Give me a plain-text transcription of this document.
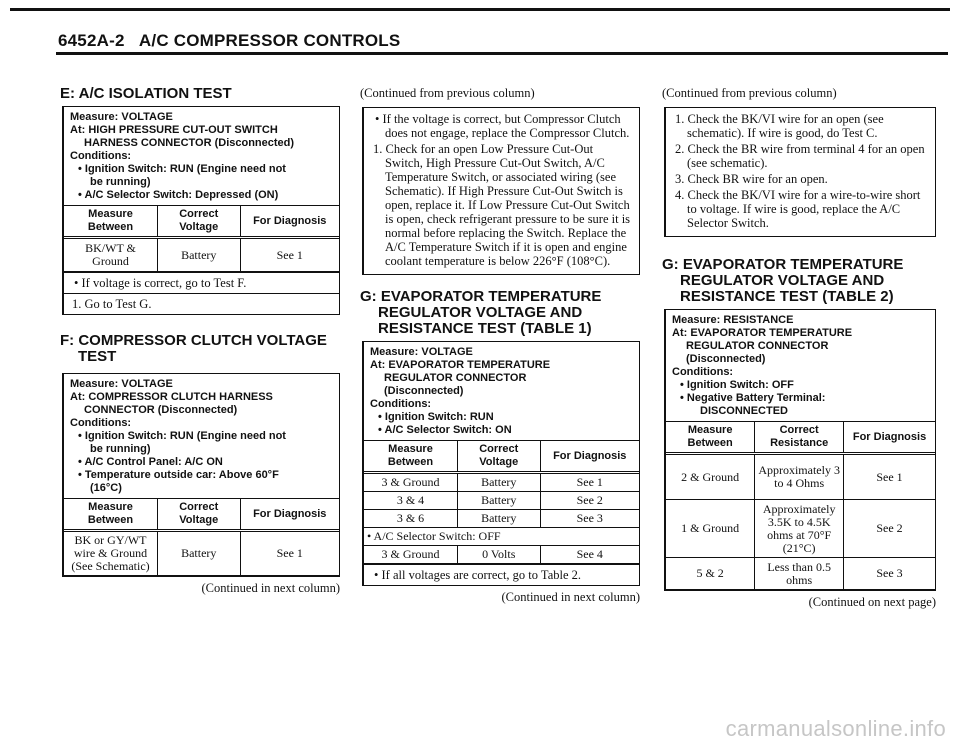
6452A-2 A/C COMPRESSOR CONTROLS
E: A/C ISOLATION TEST
Measure: VOLTAGE
At: HIGH PRESSURE CUT-OUT SWITCH
HARNESS CONNECTOR (Disconnected)
Conditions:
• Ignition Switch: RUN (Engine need not
be running)
• A/C Selector Switch: Depressed (ON)
Measure Between	Correct Voltage	For Diagnosis
BK/WT & Ground	Battery	See 1
• If voltage is correct, go to Test F.
1. Go to Test G.
F: COMPRESSOR CLUTCH VOLTAGE
TEST
Measure: VOLTAGE
At: COMPRESSOR CLUTCH HARNESS
CONNECTOR (Disconnected)
Conditions:
• Ignition Switch: RUN (Engine need not
be running)
• A/C Control Panel: A/C ON
• Temperature outside car: Above 60°F
(16°C)
Measure Between	Correct Voltage	For Diagnosis
BK or GY/WT wire & Ground (See Schematic)	Battery	See 1
(Continued in next column)
(Continued from previous column)

• If the voltage is correct, but Compressor Clutch does not engage, replace the Compressor Clutch.

1. Check for an open Low Pressure Cut-Out Switch, High Pressure Cut-Out Switch, A/C Temperature Switch, or associated wiring (see Schematic). If High Pressure Cut-Out Switch is open, replace it. If Low Pressure Cut-Out Switch is open, check refrigerant pressure to be sure it is normal before replacing the Switch. Replace the A/C Temperature Switch if it is open and engine coolant temperature is below 226°F (108°C).

G: EVAPORATOR TEMPERATURE
REGULATOR VOLTAGE AND
RESISTANCE TEST (TABLE 1)
Measure: VOLTAGE
At: EVAPORATOR TEMPERATURE
REGULATOR CONNECTOR
(Disconnected)
Conditions:
• Ignition Switch: RUN
• A/C Selector Switch: ON
Measure Between	Correct Voltage	For Diagnosis
3 & Ground	Battery	See 1
3 & 4	Battery	See 2
3 & 6	Battery	See 3
• A/C Selector Switch: OFF		
3 & Ground	0 Volts	See 4
• If all voltages are correct, go to Table 2.
(Continued in next column)
(Continued from previous column)

1. Check the BK/VI wire for an open (see schematic). If wire is good, do Test C.

2. Check the BR wire from terminal 4 for an open (see schematic).

3. Check BR wire for an open.

4. Check the BK/VI wire for a wire-to-wire short to voltage. If wire is good, replace the A/C Selector Switch.

G: EVAPORATOR TEMPERATURE
REGULATOR VOLTAGE AND
RESISTANCE TEST (TABLE 2)
Measure: RESISTANCE
At: EVAPORATOR TEMPERATURE
REGULATOR CONNECTOR
(Disconnected)
Conditions:
• Ignition Switch: OFF
• Negative Battery Terminal:
DISCONNECTED
Measure Between	Correct Resistance	For Diagnosis
2 & Ground	Approximately 3 to 4 Ohms	See 1
1 & Ground	Approximately 3.5K to 4.5K ohms at 70°F (21°C)	See 2
5 & 2	Less than 0.5 ohms	See 3
(Continued on next page)
carmanualsonline.info
